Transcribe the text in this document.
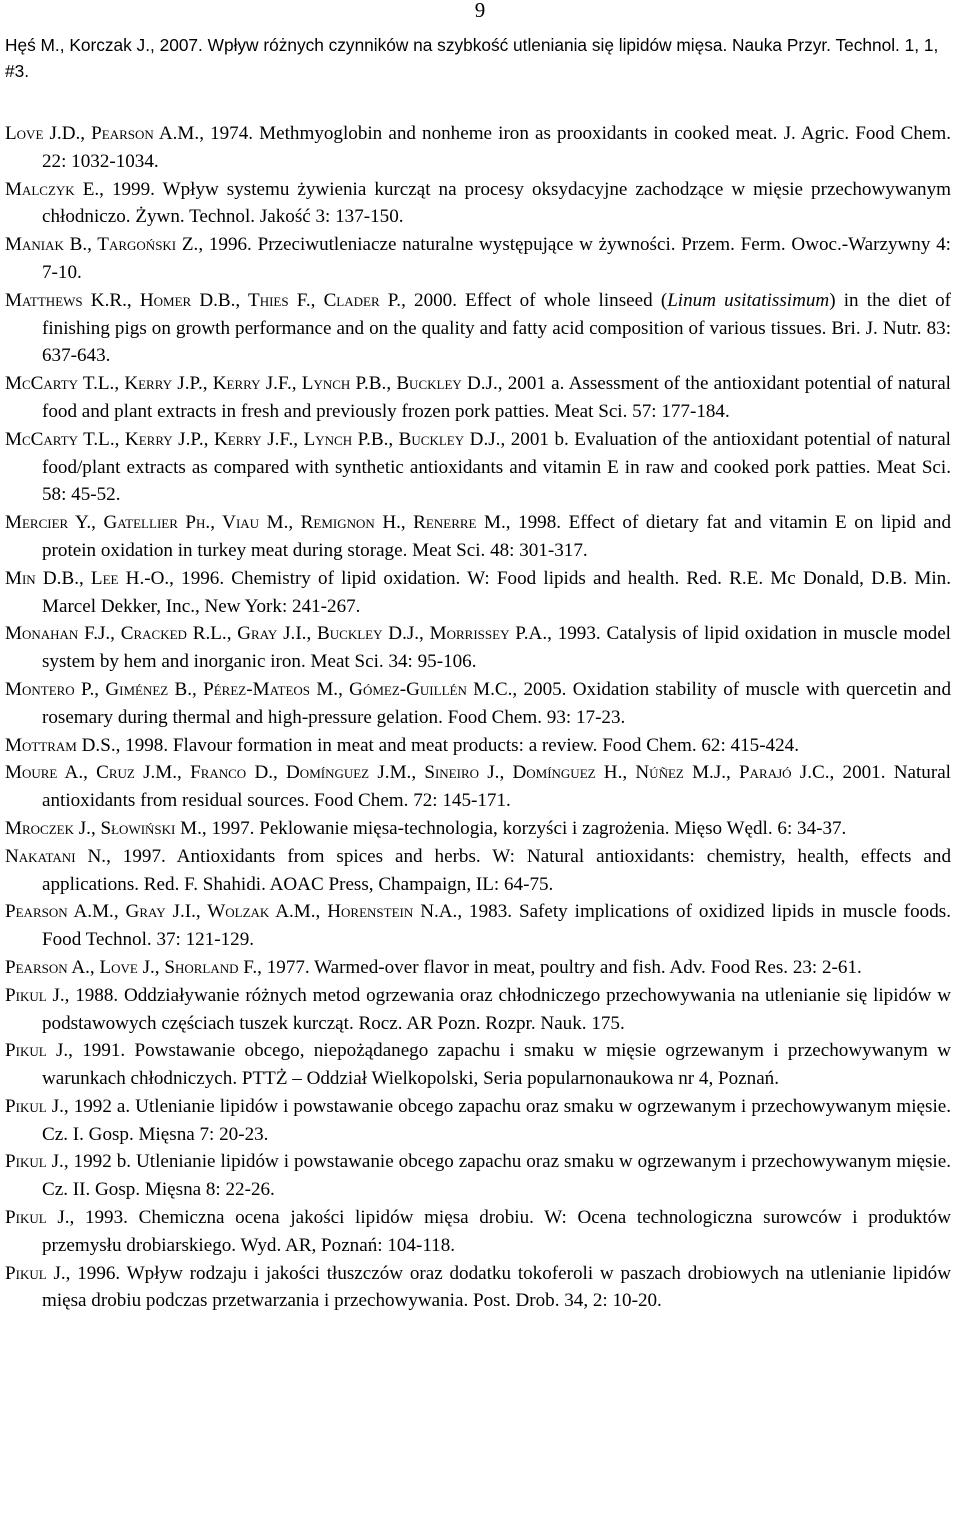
9
Hęś M., Korczak J., 2007. Wpływ różnych czynników na szybkość utleniania się lipidów mięsa. Nauka Przyr. Technol. 1, 1, #3.

Love J.D., Pearson A.M., 1974. Methmyoglobin and nonheme iron as prooxidants in cooked meat. J. Agric. Food Chem. 22: 1032-1034.

Malczyk E., 1999. Wpływ systemu żywienia kurcząt na procesy oksydacyjne zachodzące w mięsie przechowywanym chłodniczo. Żywn. Technol. Jakość 3: 137-150.

Maniak B., Targoński Z., 1996. Przeciwutleniacze naturalne występujące w żywności. Przem. Ferm. Owoc.-Warzywny 4: 7-10.

Matthews K.R., Homer D.B., Thies F., Clader P., 2000. Effect of whole linseed (Linum usitatissimum) in the diet of finishing pigs on growth performance and on the quality and fatty acid composition of various tissues. Bri. J. Nutr. 83: 637-643.

McCarty T.L., Kerry J.P., Kerry J.F., Lynch P.B., Buckley D.J., 2001 a. Assessment of the antioxidant potential of natural food and plant extracts in fresh and previously frozen pork patties. Meat Sci. 57: 177-184.

McCarty T.L., Kerry J.P., Kerry J.F., Lynch P.B., Buckley D.J., 2001 b. Evaluation of the antioxidant potential of natural food/plant extracts as compared with synthetic antioxidants and vitamin E in raw and cooked pork patties. Meat Sci. 58: 45-52.

Mercier Y., Gatellier Ph., Viau M., Remignon H., Renerre M., 1998. Effect of dietary fat and vitamin E on lipid and protein oxidation in turkey meat during storage. Meat Sci. 48: 301-317.

Min D.B., Lee H.-O., 1996. Chemistry of lipid oxidation. W: Food lipids and health. Red. R.E. Mc Donald, D.B. Min. Marcel Dekker, Inc., New York: 241-267.

Monahan F.J., Cracked R.L., Gray J.I., Buckley D.J., Morrissey P.A., 1993. Catalysis of lipid oxidation in muscle model system by hem and inorganic iron. Meat Sci. 34: 95-106.

Montero P., Giménez B., Pérez-Mateos M., Gómez-Guillén M.C., 2005. Oxidation stability of muscle with quercetin and rosemary during thermal and high-pressure gelation. Food Chem. 93: 17-23.

Mottram D.S., 1998. Flavour formation in meat and meat products: a review. Food Chem. 62: 415-424.

Moure A., Cruz J.M., Franco D., Domínguez J.M., Sineiro J., Domínguez H., Núñez M.J., Parajó J.C., 2001. Natural antioxidants from residual sources. Food Chem. 72: 145-171.

Mroczek J., Słowiński M., 1997. Peklowanie mięsa-technologia, korzyści i zagrożenia. Mięso Wędl. 6: 34-37.

Nakatani N., 1997. Antioxidants from spices and herbs. W: Natural antioxidants: chemistry, health, effects and applications. Red. F. Shahidi. AOAC Press, Champaign, IL: 64-75.

Pearson A.M., Gray J.I., Wolzak A.M., Horenstein N.A., 1983. Safety implications of oxidized lipids in muscle foods. Food Technol. 37: 121-129.

Pearson A., Love J., Shorland F., 1977. Warmed-over flavor in meat, poultry and fish. Adv. Food Res. 23: 2-61.

Pikul J., 1988. Oddziaływanie różnych metod ogrzewania oraz chłodniczego przechowywania na utlenianie się lipidów w podstawowych częściach tuszek kurcząt. Rocz. AR Pozn. Rozpr. Nauk. 175.

Pikul J., 1991. Powstawanie obcego, niepożądanego zapachu i smaku w mięsie ogrzewanym i przechowywanym w warunkach chłodniczych. PTTŻ – Oddział Wielkopolski, Seria popularnonaukowa nr 4, Poznań.

Pikul J., 1992 a. Utlenianie lipidów i powstawanie obcego zapachu oraz smaku w ogrzewanym i przechowywanym mięsie. Cz. I. Gosp. Mięsna 7: 20-23.

Pikul J., 1992 b. Utlenianie lipidów i powstawanie obcego zapachu oraz smaku w ogrzewanym i przechowywanym mięsie. Cz. II. Gosp. Mięsna 8: 22-26.

Pikul J., 1993. Chemiczna ocena jakości lipidów mięsa drobiu. W: Ocena technologiczna surowców i produktów przemysłu drobiarskiego. Wyd. AR, Poznań: 104-118.

Pikul J., 1996. Wpływ rodzaju i jakości tłuszczów oraz dodatku tokoferoli w paszach drobiowych na utlenianie lipidów mięsa drobiu podczas przetwarzania i przechowywania. Post. Drob. 34, 2: 10-20.
